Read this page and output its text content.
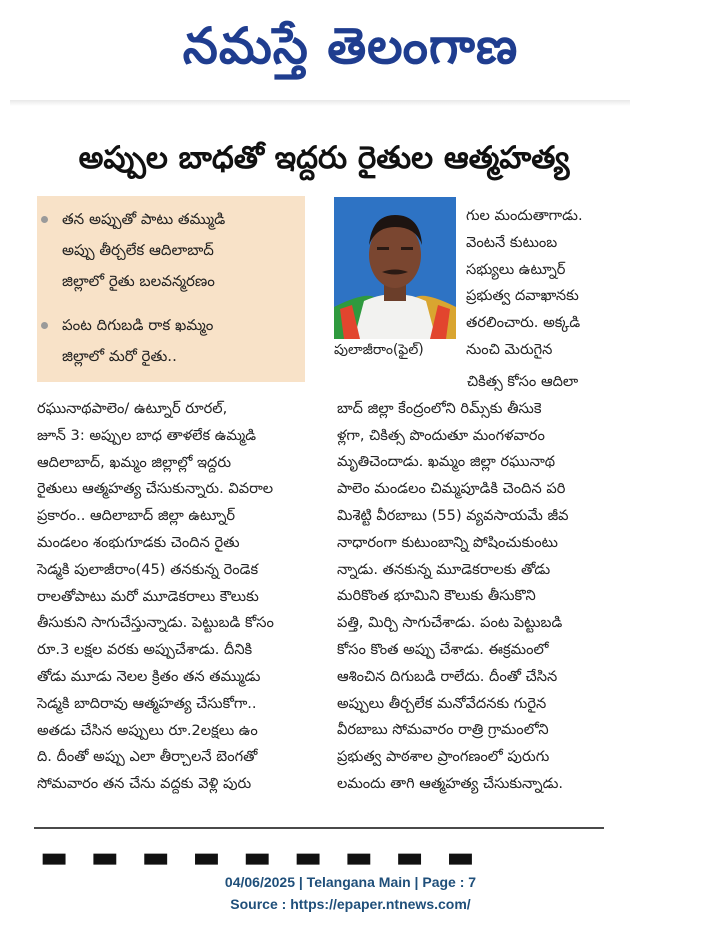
నమస్తే తెలంగాణ
అప్పుల బాధతో ఇద్దరు రైతుల ఆత్మహత్య

తన అప్పుతో పాటు తమ్ముడి
అప్పు తీర్చలేక ఆదిలాబాద్
జిల్లాలో రైతు బలవన్మరణం

పంట దిగుబడి రాక ఖమ్మం
జిల్లాలో మరో రైతు..	పులాజీరాం(ఫైల్)

గుల మందుతాగాడు.

వెంటనే కుటుంబ

సభ్యులు ఉట్నూర్

ప్రభుత్వ దవాఖానకు

తరలించారు. అక్కడి

నుంచి మెరుగైన

రఘునాథపాలెం/ ఉట్నూర్ రూరల్,

జూన్ 3: అప్పుల బాధ తాళలేక ఉమ్మడి

ఆదిలాబాద్, ఖమ్మం జిల్లాల్లో ఇద్దరు

రైతులు ఆత్మహత్య చేసుకున్నారు. వివరాల

ప్రకారం.. ఆదిలాబాద్ జిల్లా ఉట్నూర్

మండలం శంభుగూడకు చెందిన రైతు

సెడ్మకి పులాజీరాం(45) తనకున్న రెండెక

రాలతోపాటు మరో మూడెకరాలు కౌలుకు

తీసుకుని సాగుచేస్తున్నాడు. పెట్టుబడి కోసం

రూ.3 లక్షల వరకు అప్పుచేశాడు. దీనికి

తోడు మూడు నెలల క్రితం తన తమ్ముడు

సెడ్మకి బాదిరావు ఆత్మహత్య చేసుకోగా..

అతడు చేసిన అప్పులు రూ.2లక్షలు ఉం

ది. దీంతో అప్పు ఎలా తీర్చాలనే బెంగతో

సోమవారం తన చేను వద్దకు వెళ్లి పురు

చికిత్స కోసం ఆదిలా

బాద్ జిల్లా కేంద్రంలోని రిమ్స్‌కు తీసుకె

ళ్లగా, చికిత్స పొందుతూ మంగళవారం

మృతిచెందాడు. ఖమ్మం జిల్లా రఘునాథ

పాలెం మండలం చిమ్మపూడికి చెందిన పరి

మిశెట్టి వీరబాబు (55) వ్యవసాయమే జీవ

నాధారంగా కుటుంబాన్ని పోషించుకుంటు

న్నాడు. తనకున్న మూడెకరాలకు తోడు

మరికొంత భూమిని కౌలుకు తీసుకొని

పత్తి, మిర్చి సాగుచేశాడు. పంట పెట్టుబడి

కోసం కొంత అప్పు చేశాడు. ఈక్రమంలో

ఆశించిన దిగుబడి రాలేదు. దీంతో చేసిన

అప్పులు తీర్చలేక మనోవేదనకు గురైన

వీరబాబు సోమవారం రాత్రి గ్రామంలోని

ప్రభుత్వ పాఠశాల ప్రాంగణంలో పురుగు

లమందు తాగి ఆత్మహత్య చేసుకున్నాడు.

▬ ▬ ▬ ▬ ▬ ▬ ▬ ▬ ▬
04/06/2025 | Telangana Main | Page : 7
Source : https://epaper.ntnews.com/
